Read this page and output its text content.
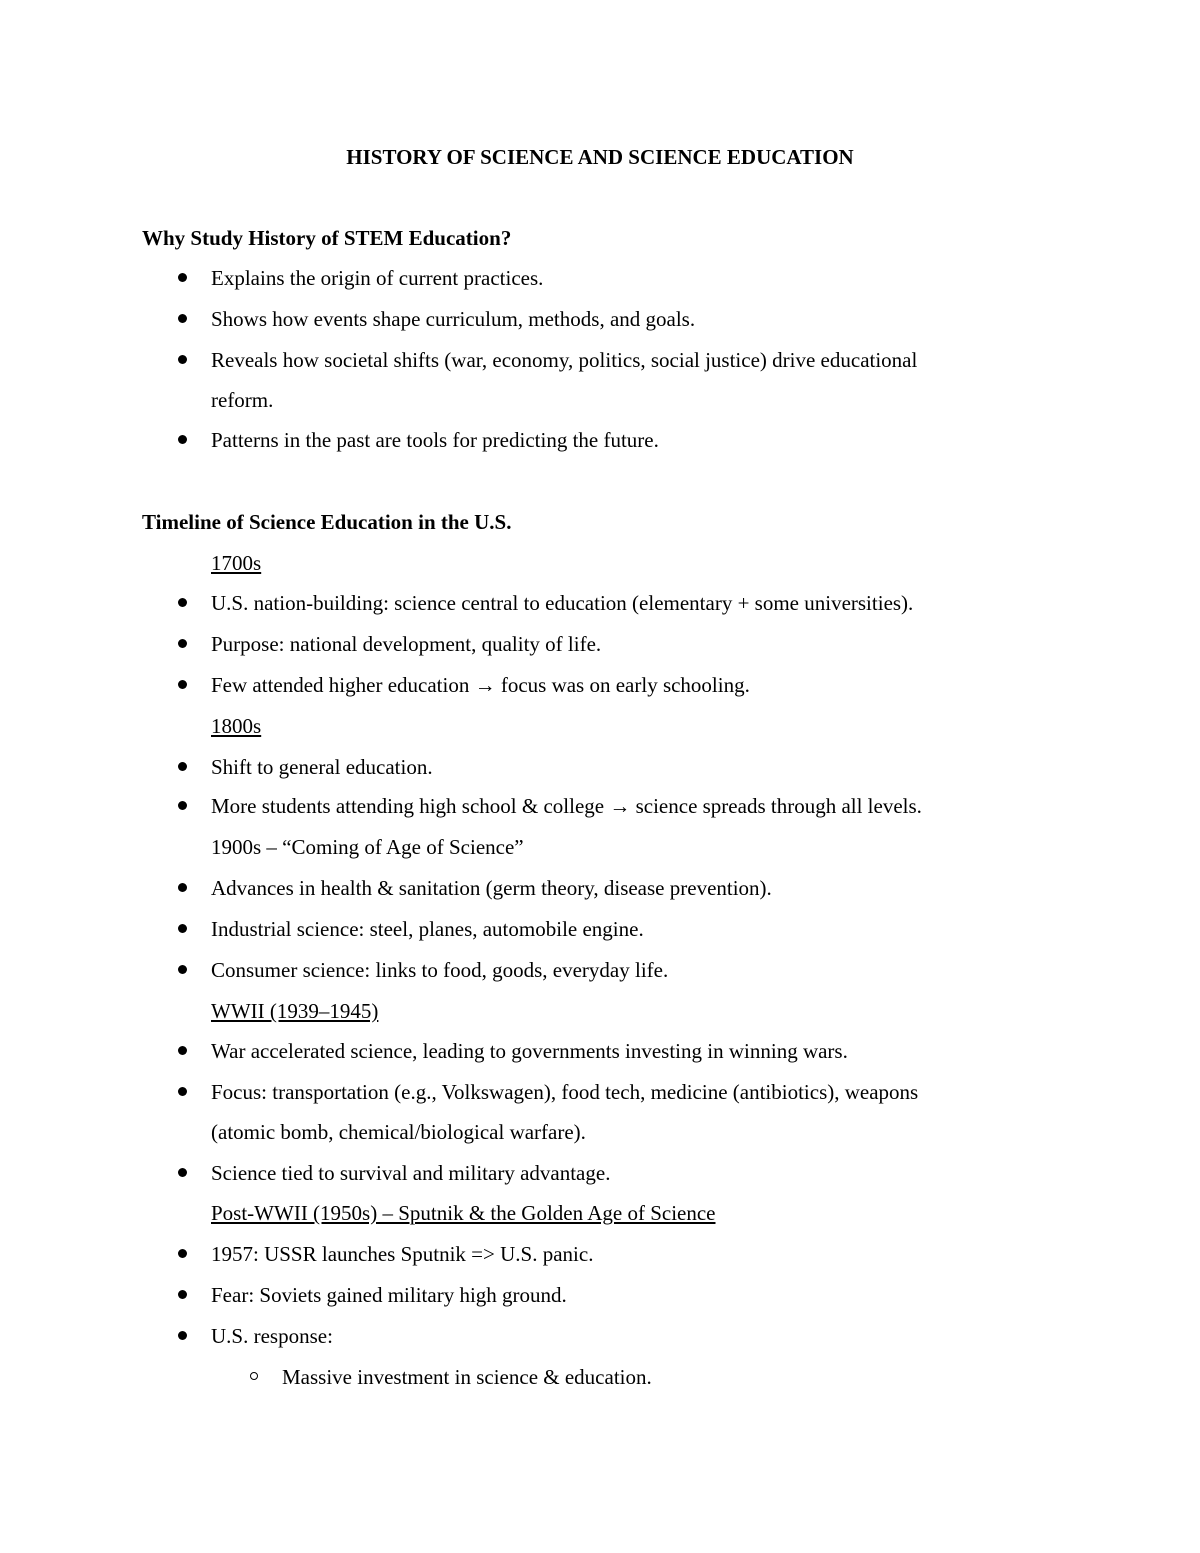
HISTORY OF SCIENCE AND SCIENCE EDUCATION
Why Study History of STEM Education?
Explains the origin of current practices.
Shows how events shape curriculum, methods, and goals.
Reveals how societal shifts (war, economy, politics, social justice) drive educational
reform.
Patterns in the past are tools for predicting the future.
Timeline of Science Education in the U.S.
1700s
U.S. nation-building: science central to education (elementary + some universities).
Purpose: national development, quality of life.
Few attended higher education → focus was on early schooling.
1800s
Shift to general education.
More students attending high school & college → science spreads through all levels.
1900s – “Coming of Age of Science”
Advances in health & sanitation (germ theory, disease prevention).
Industrial science: steel, planes, automobile engine.
Consumer science: links to food, goods, everyday life.
WWII (1939–1945)
War accelerated science, leading to governments investing in winning wars.
Focus: transportation (e.g., Volkswagen), food tech, medicine (antibiotics), weapons
(atomic bomb, chemical/biological warfare).
Science tied to survival and military advantage.
Post-WWII (1950s) – Sputnik & the Golden Age of Science
1957: USSR launches Sputnik => U.S. panic.
Fear: Soviets gained military high ground.
U.S. response:
Massive investment in science & education.
